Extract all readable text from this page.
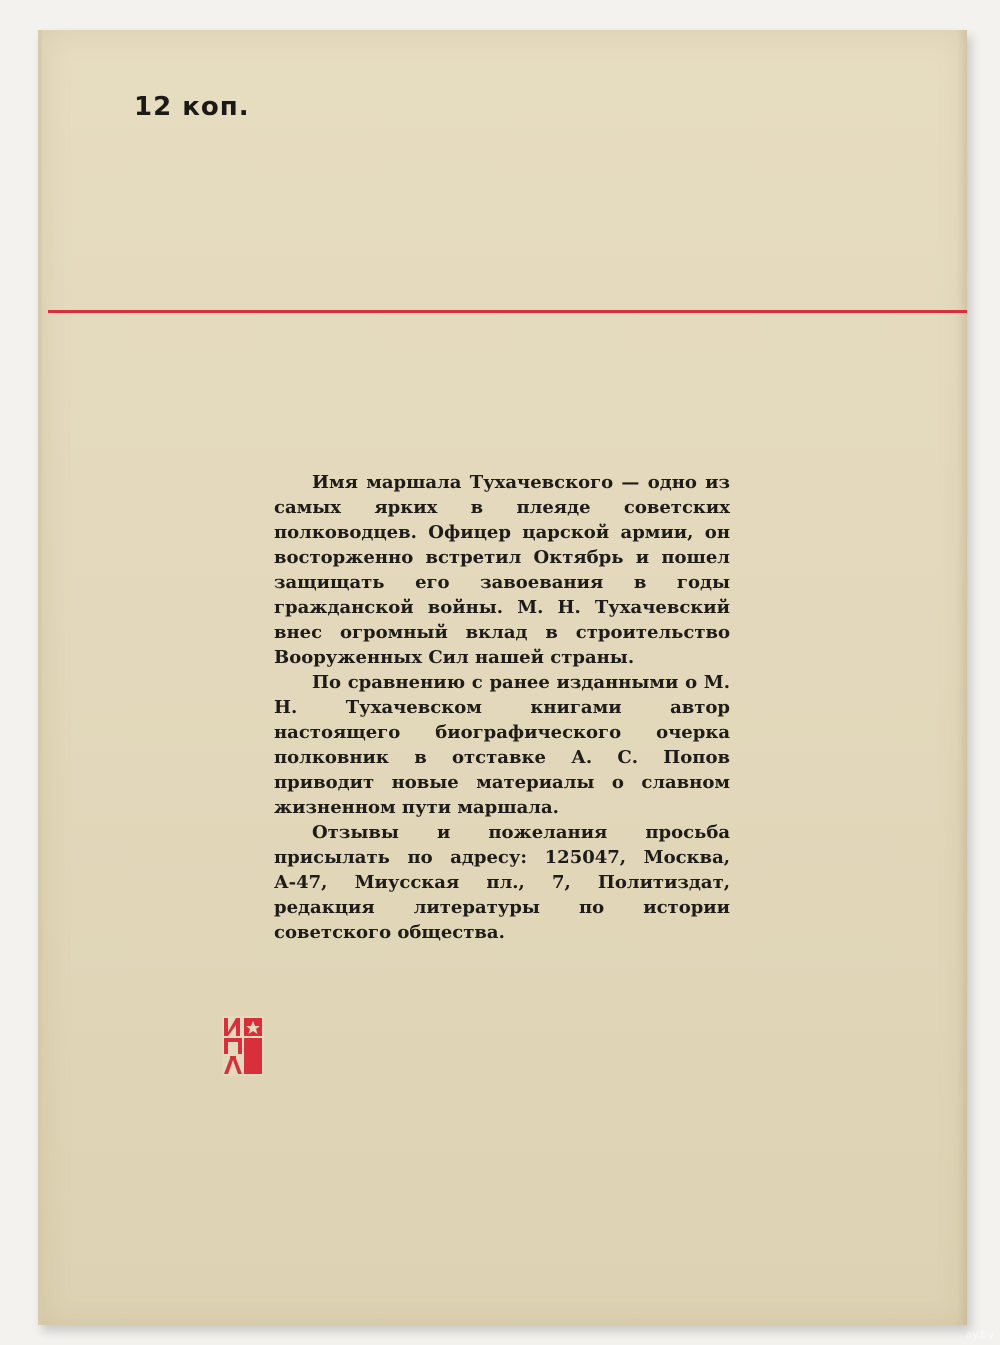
12 коп.

Имя маршала Тухачевского — одно из самых ярких в плеяде советских полководцев. Офицер царской армии, он восторженно встретил Октябрь и пошел защищать его завоевания в годы гражданской войны. М. Н. Тухачевский внес огромный вклад в строительство Вооруженных Сил нашей страны.

По сравнению с ранее изданными о М. Н. Тухачевском книгами автор настоящего биографического очерка полковник в отставке А. С. Попов приводит новые материалы о славном жизненном пути маршала.

Отзывы и пожелания просьба присылать по адресу: 125047, Москва, А-47, Миусская пл., 7, Политиздат, редакция литературы по истории советского общества.

ay.by
